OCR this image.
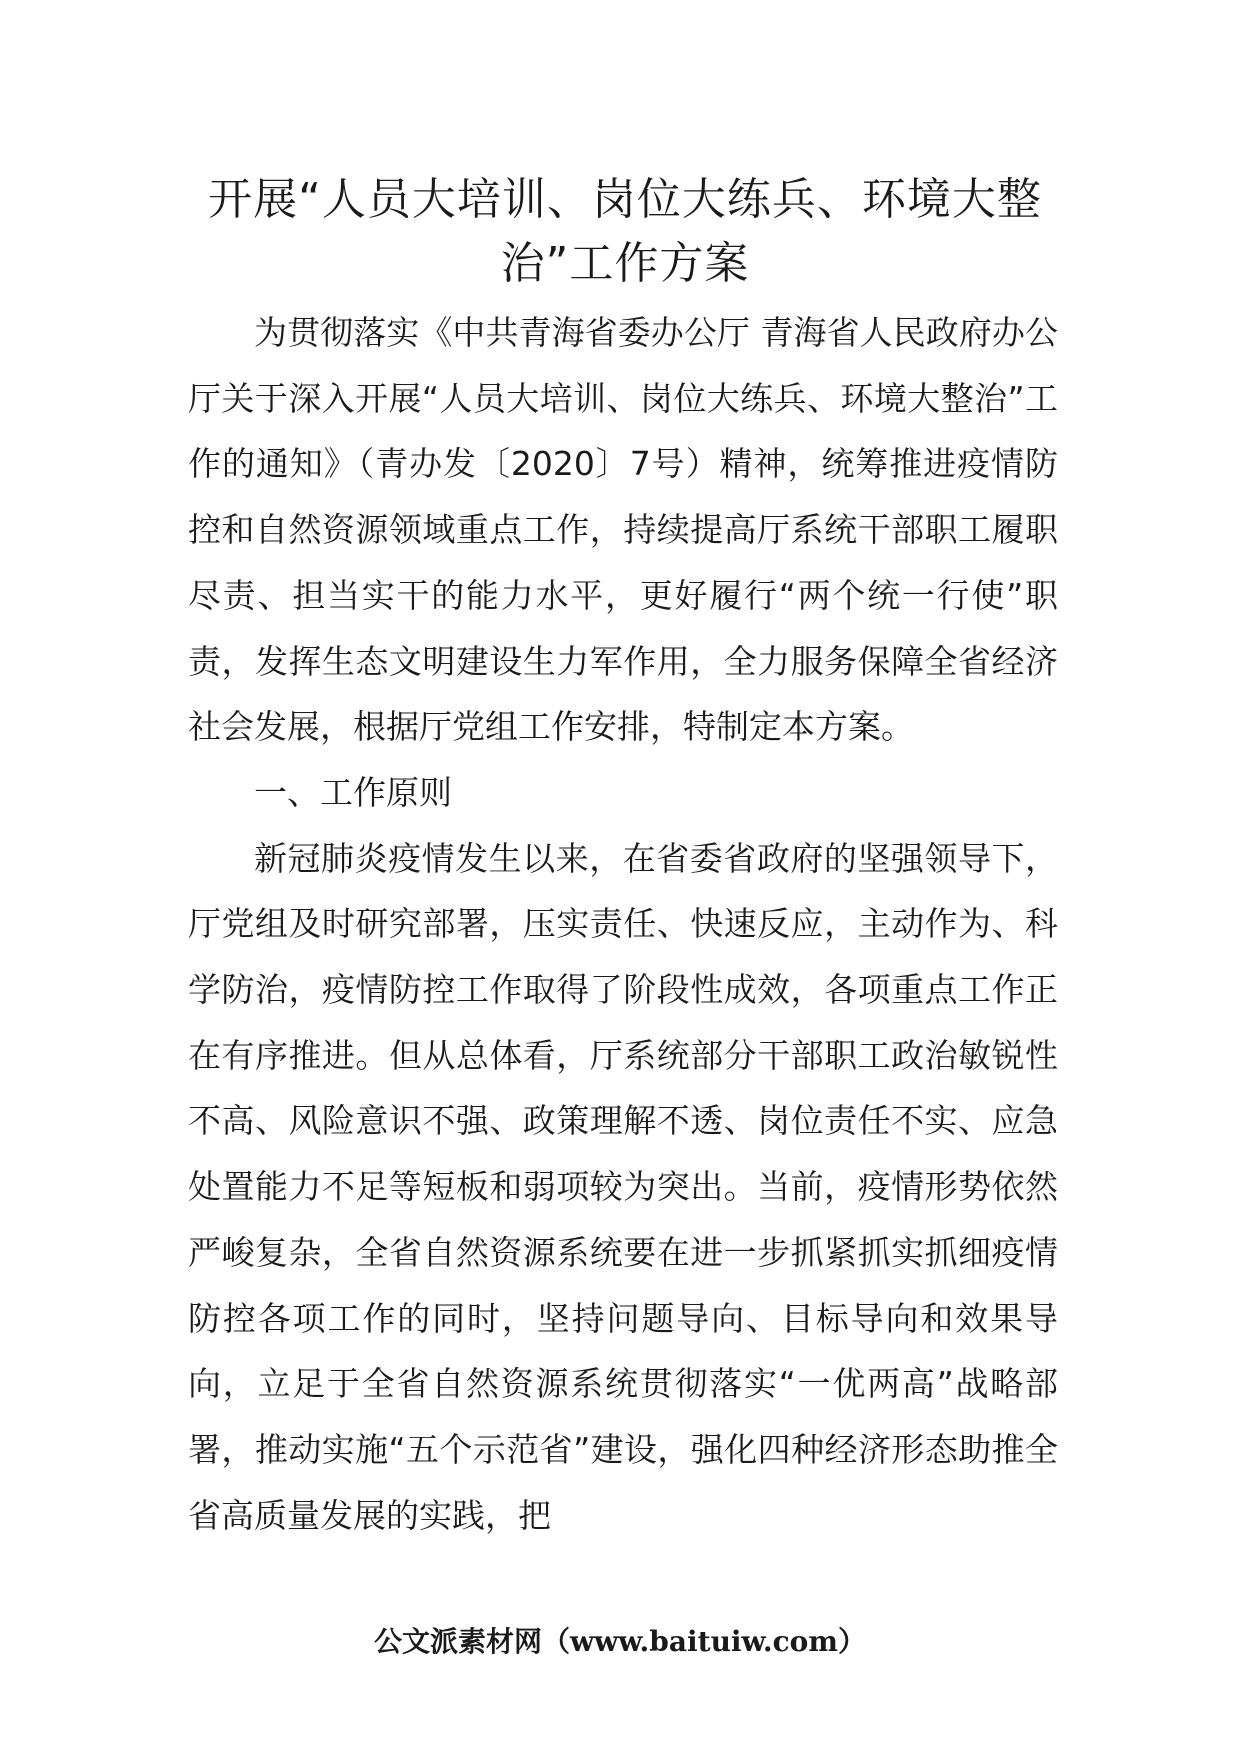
开展“人员大培训、岗位大练兵、环境大整治”工作方案

为贯彻落实《中共青海省委办公厅 青海省人民政府办公厅关于深入开展“人员大培训、岗位大练兵、环境大整治”工作的通知》（青办发〔2020〕7号）精神，统筹推进疫情防控和自然资源领域重点工作，持续提高厅系统干部职工履职尽责、担当实干的能力水平，更好履行“两个统一行使”职责，发挥生态文明建设生力军作用，全力服务保障全省经济社会发展，根据厅党组工作安排，特制定本方案。

一、工作原则

新冠肺炎疫情发生以来，在省委省政府的坚强领导下，厅党组及时研究部署，压实责任、快速反应，主动作为、科学防治，疫情防控工作取得了阶段性成效，各项重点工作正在有序推进。但从总体看，厅系统部分干部职工政治敏锐性不高、风险意识不强、政策理解不透、岗位责任不实、应急处置能力不足等短板和弱项较为突出。当前，疫情形势依然严峻复杂，全省自然资源系统要在进一步抓紧抓实抓细疫情防控各项工作的同时，坚持问题导向、目标导向和效果导向，立足于全省自然资源系统贯彻落实“一优两高”战略部署，推动实施“五个示范省”建设，强化四种经济形态助推全省高质量发展的实践，把

公文派素材网（www.baituiw.com）
